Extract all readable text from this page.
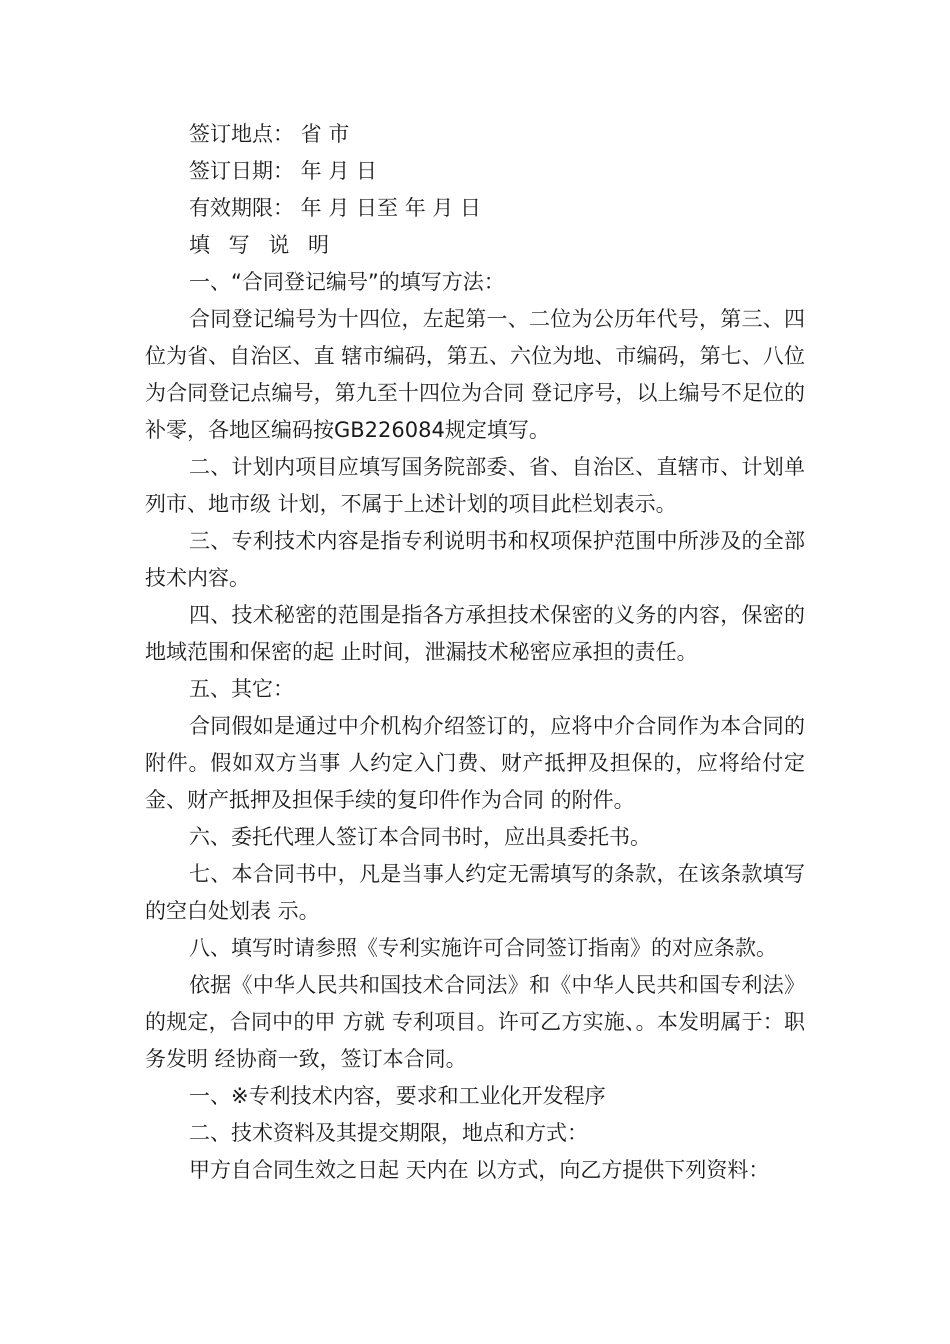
签订地点： 省 市

签订日期： 年 月 日

有效期限： 年 月 日至 年 月 日

填 写 说 明

一、“合同登记编号”的填写方法：

合同登记编号为十四位，左起第一、二位为公历年代号，第三、四位为省、自治区、直 辖市编码，第五、六位为地、市编码，第七、八位为合同登记点编号，第九至十四位为合同 登记序号，以上编号不足位的补零，各地区编码按GB226084规定填写。

二、计划内项目应填写国务院部委、省、自治区、直辖市、计划单列市、地市级 计划，不属于上述计划的项目此栏划表示。

三、专利技术内容是指专利说明书和权项保护范围中所涉及的全部技术内容。

四、技术秘密的范围是指各方承担技术保密的义务的内容，保密的地域范围和保密的起 止时间，泄漏技术秘密应承担的责任。

五、其它：

合同假如是通过中介机构介绍签订的，应将中介合同作为本合同的附件。假如双方当事 人约定入门费、财产抵押及担保的，应将给付定金、财产抵押及担保手续的复印件作为合同 的附件。

六、委托代理人签订本合同书时，应出具委托书。

七、本合同书中，凡是当事人约定无需填写的条款，在该条款填写的空白处划表 示。

八、填写时请参照《专利实施许可合同签订指南》的对应条款。

依据《中华人民共和国技术合同法》和《中华人民共和国专利法》的规定，合同中的甲 方就 专利项目。许可乙方实施、。本发明属于：职务发明 经协商一致，签订本合同。

一、※专利技术内容，要求和工业化开发程序

二、技术资料及其提交期限，地点和方式：

甲方自合同生效之日起 天内在 以方式，向乙方提供下列资料：
